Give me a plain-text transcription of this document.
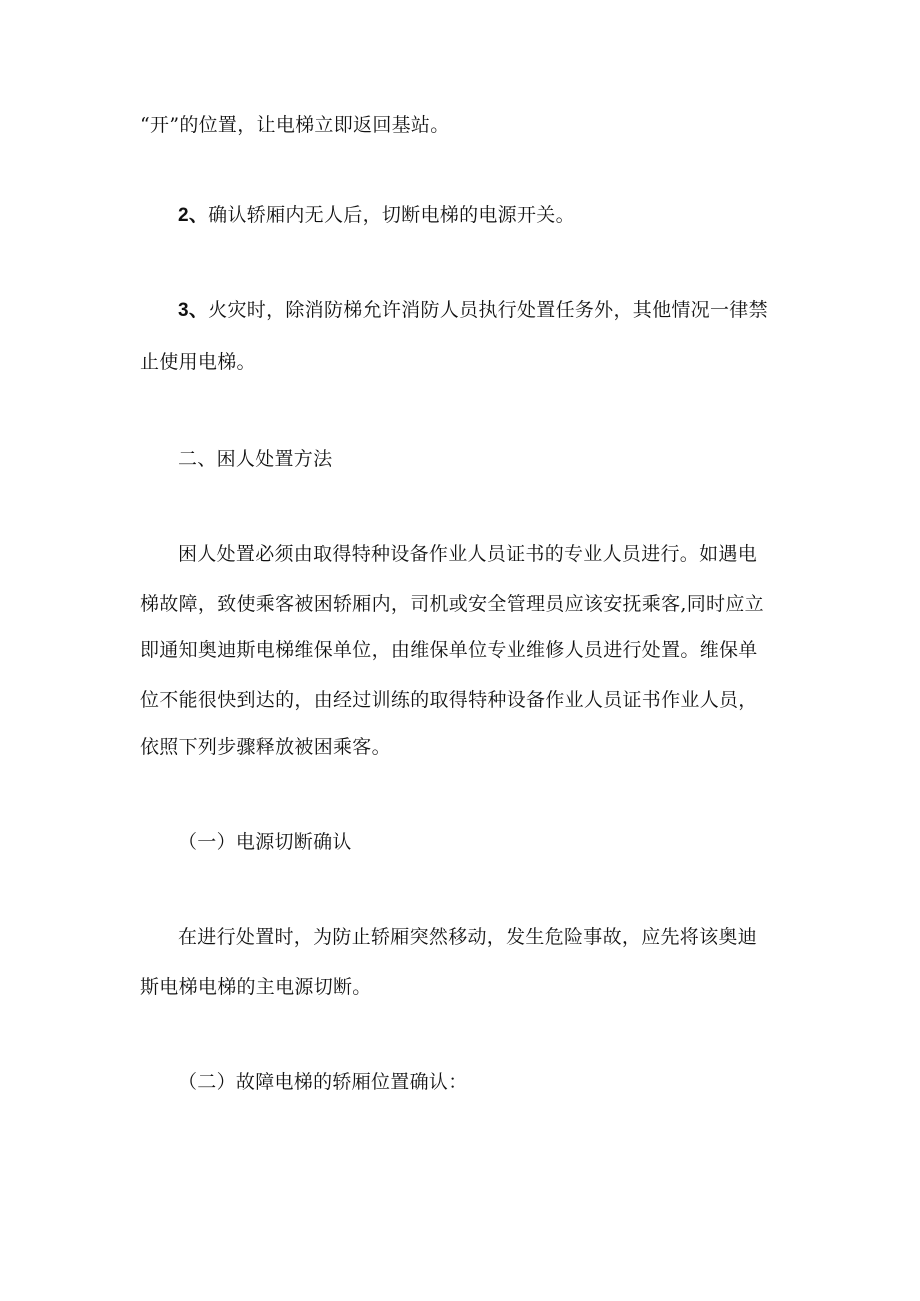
“开”的位置，让电梯立即返回基站。
2、确认轿厢内无人后，切断电梯的电源开关。
3、火灾时，除消防梯允许消防人员执行处置任务外，其他情况一律禁
止使用电梯。
二、困人处置方法
困人处置必须由取得特种设备作业人员证书的专业人员进行。如遇电
梯故障，致使乘客被困轿厢内，司机或安全管理员应该安抚乘客,同时应立
即通知奥迪斯电梯维保单位，由维保单位专业维修人员进行处置。维保单
位不能很快到达的，由经过训练的取得特种设备作业人员证书作业人员，
依照下列步骤释放被困乘客。
（一）电源切断确认
在进行处置时，为防止轿厢突然移动，发生危险事故，应先将该奥迪
斯电梯电梯的主电源切断。
（二）故障电梯的轿厢位置确认：
